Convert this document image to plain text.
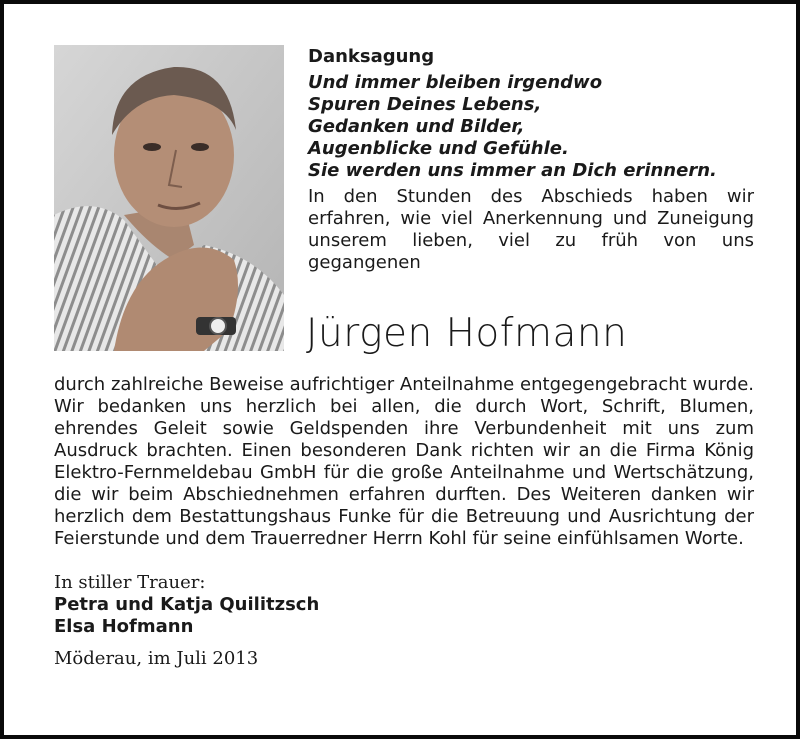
Danksagung
Und immer bleiben irgendwo
Spuren Deines Lebens,
Gedanken und Bilder,
Augenblicke und Gefühle.
Sie werden uns immer an Dich erinnern.
In den Stunden des Abschieds haben wir erfahren, wie viel Anerkennung und Zuneigung unserem lieben, viel zu früh von uns gegangenen
Jürgen Hofmann
durch zahlreiche Beweise aufrichtiger Anteilnahme entgegengebracht wurde. Wir bedanken uns herzlich bei allen, die durch Wort, Schrift, Blumen, ehrendes Geleit sowie Geldspenden ihre Verbundenheit mit uns zum Ausdruck brachten. Einen besonderen Dank richten wir an die Firma König Elektro-Fernmeldebau GmbH für die große Anteilnahme und Wertschätzung, die wir beim Abschiednehmen erfahren durften. Des Weiteren danken wir herzlich dem Bestattungshaus Funke für die Betreuung und Ausrichtung der Feierstunde und dem Trauerredner Herrn Kohl für seine einfühlsamen Worte.
In stiller Trauer:
Petra und Katja Quilitzsch
Elsa Hofmann
Möderau, im Juli 2013
